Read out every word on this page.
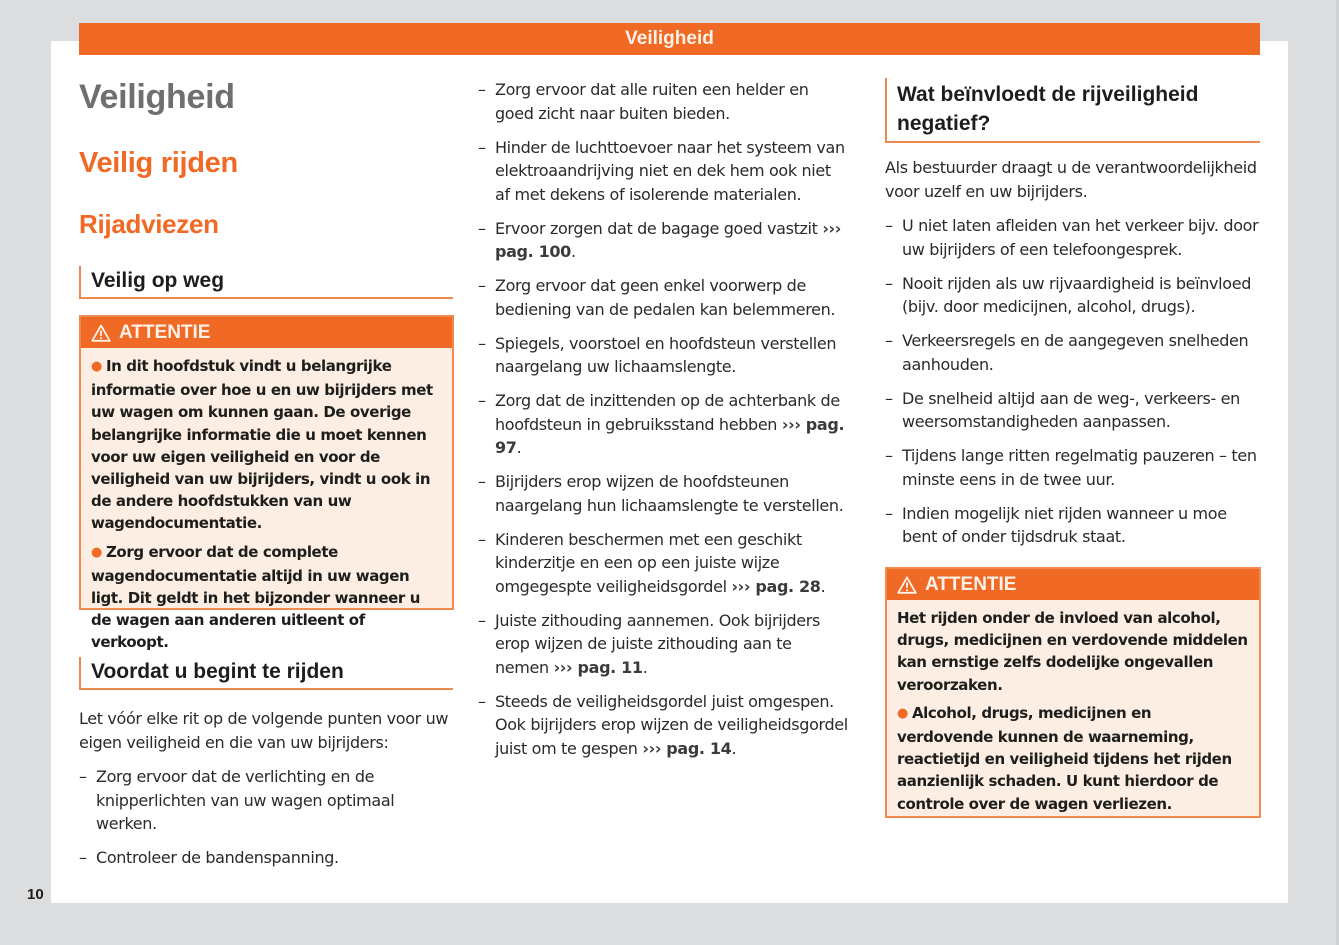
Veiligheid
10
Veiligheid
Veilig rijden
Rijadviezen
Veilig op weg
ATTENTIE

● In dit hoofdstuk vindt u belangrijke informatie over hoe u en uw bijrijders met uw wagen om kunnen gaan. De overige belangrijke informatie die u moet kennen voor uw eigen veiligheid en voor de veiligheid van uw bijrijders, vindt u ook in de andere hoofdstukken van uw wagendocumentatie.

● Zorg ervoor dat de complete wagendocumentatie altijd in uw wagen ligt. Dit geldt in het bijzonder wanneer u de wagen aan anderen uitleent of verkoopt.

Voordat u begint te rijden
Let vóór elke rit op de volgende punten voor uw eigen veiligheid en die van uw bijrijders:
– Zorg ervoor dat de verlichting en de knipperlichten van uw wagen optimaal werken.
– Controleer de bandenspanning.
– Zorg ervoor dat alle ruiten een helder en goed zicht naar buiten bieden.
– Hinder de luchttoevoer naar het systeem van elektroaandrijving niet en dek hem ook niet af met dekens of isolerende materialen.
– Ervoor zorgen dat de bagage goed vastzit ››› pag. 100.
– Zorg ervoor dat geen enkel voorwerp de bediening van de pedalen kan belemmeren.
– Spiegels, voorstoel en hoofdsteun verstellen naargelang uw lichaamslengte.
– Zorg dat de inzittenden op de achterbank de hoofdsteun in gebruiksstand hebben ››› pag. 97.
– Bijrijders erop wijzen de hoofdsteunen naargelang hun lichaamslengte te verstellen.
– Kinderen beschermen met een geschikt kinderzitje en een op een juiste wijze omgegespte veiligheidsgordel ››› pag. 28.
– Juiste zithouding aannemen. Ook bijrijders erop wijzen de juiste zithouding aan te nemen ››› pag. 11.
– Steeds de veiligheidsgordel juist omgespen. Ook bijrijders erop wijzen de veiligheidsgordel juist om te gespen ››› pag. 14.
Wat beïnvloedt de rijveiligheid negatief?
Als bestuurder draagt u de verantwoordelijkheid voor uzelf en uw bijrijders.
– U niet laten afleiden van het verkeer bijv. door uw bijrijders of een telefoongesprek.
– Nooit rijden als uw rijvaardigheid is beïnvloed (bijv. door medicijnen, alcohol, drugs).
– Verkeersregels en de aangegeven snelheden aanhouden.
– De snelheid altijd aan de weg-, verkeers- en weersomstandigheden aanpassen.
– Tijdens lange ritten regelmatig pauzeren – ten minste eens in de twee uur.
– Indien mogelijk niet rijden wanneer u moe bent of onder tijdsdruk staat.
ATTENTIE

Het rijden onder de invloed van alcohol, drugs, medicijnen en verdovende middelen kan ernstige zelfs dodelijke ongevallen veroorzaken.

● Alcohol, drugs, medicijnen en verdovende kunnen de waarneming, reactietijd en veiligheid tijdens het rijden aanzienlijk schaden. U kunt hierdoor de controle over de wagen verliezen.
